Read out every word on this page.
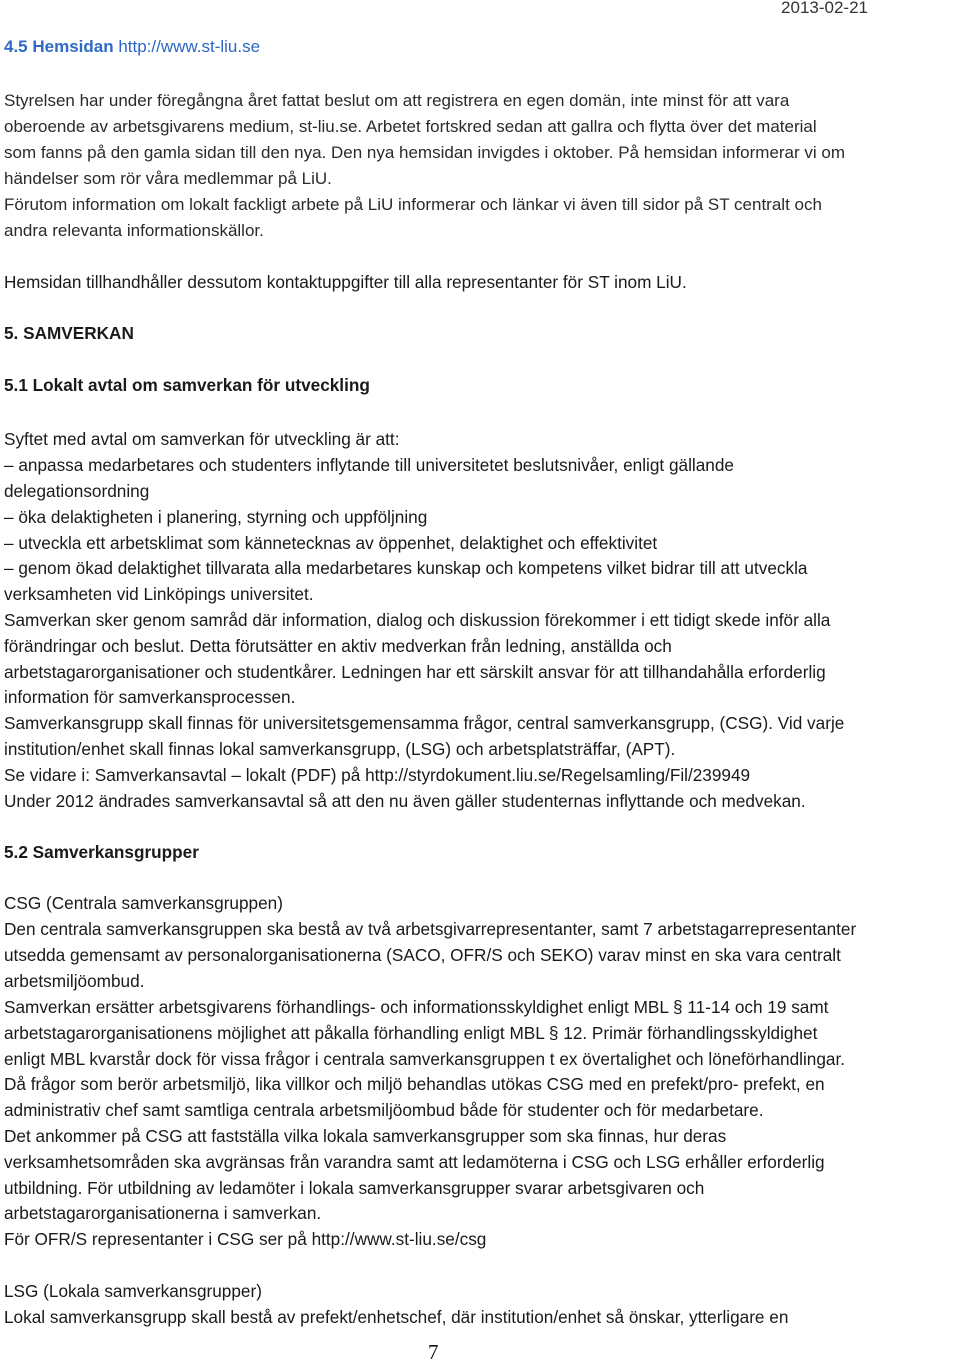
2013-02-21
4.5 Hemsidan http://www.st-liu.se
Styrelsen har under föregångna året fattat beslut om att registrera en egen domän, inte minst för att vara
oberoende av arbetsgivarens medium, st-liu.se. Arbetet fortskred sedan att gallra och flytta över det material
som fanns på den gamla sidan till den nya. Den nya hemsidan invigdes i oktober. På hemsidan informerar vi om
händelser som rör våra medlemmar på LiU.
Förutom information om lokalt fackligt arbete på LiU informerar och länkar vi även till sidor på ST centralt och
andra relevanta informationskällor.
Hemsidan tillhandhåller dessutom kontaktuppgifter till alla representanter för ST inom LiU.
5. SAMVERKAN
5.1 Lokalt avtal om samverkan för utveckling
Syftet med avtal om samverkan för utveckling är att:
– anpassa medarbetares och studenters inflytande till universitetet beslutsnivåer, enligt gällande
delegationsordning
– öka delaktigheten i planering, styrning och uppföljning
– utveckla ett arbetsklimat som kännetecknas av öppenhet, delaktighet och effektivitet
– genom ökad delaktighet tillvarata alla medarbetares kunskap och kompetens vilket bidrar till att utveckla
verksamheten vid Linköpings universitet.
Samverkan sker genom samråd där information, dialog och diskussion förekommer i ett tidigt skede inför alla
förändringar och beslut. Detta förutsätter en aktiv medverkan från ledning, anställda och
arbetstagarorganisationer och studentkårer. Ledningen har ett särskilt ansvar för att tillhandahålla erforderlig
information för samverkansprocessen.
Samverkansgrupp skall finnas för universitetsgemensamma frågor, central samverkansgrupp, (CSG). Vid varje
institution/enhet skall finnas lokal samverkansgrupp, (LSG) och arbetsplatsträffar, (APT).
Se vidare i: Samverkansavtal – lokalt (PDF) på http://styrdokument.liu.se/Regelsamling/Fil/239949
Under 2012 ändrades samverkansavtal så att den nu även gäller studenternas inflyttande och medvekan.
5.2 Samverkansgrupper
CSG (Centrala samverkansgruppen)
Den centrala samverkansgruppen ska bestå av två arbetsgivarrepresentanter, samt 7 arbetstagarrepresentanter
utsedda gemensamt av personalorganisationerna (SACO, OFR/S och SEKO) varav minst en ska vara centralt
arbetsmiljöombud.
Samverkan ersätter arbetsgivarens förhandlings- och informationsskyldighet enligt MBL § 11-14 och 19 samt
arbetstagarorganisationens möjlighet att påkalla förhandling enligt MBL § 12. Primär förhandlingsskyldighet
enligt MBL kvarstår dock för vissa frågor i centrala samverkansgruppen t ex övertalighet och löneförhandlingar.
Då frågor som berör arbetsmiljö, lika villkor och miljö behandlas utökas CSG med en prefekt/pro- prefekt, en
administrativ chef samt samtliga centrala arbetsmiljöombud både för studenter och för medarbetare.
Det ankommer på CSG att fastställa vilka lokala samverkansgrupper som ska finnas, hur deras
verksamhetsområden ska avgränsas från varandra samt att ledamöterna i CSG och LSG erhåller erforderlig
utbildning. För utbildning av ledamöter i lokala samverkansgrupper svarar arbetsgivaren och
arbetstagarorganisationerna i samverkan.
För OFR/S representanter i CSG ser på http://www.st-liu.se/csg
LSG (Lokala samverkansgrupper)
Lokal samverkansgrupp skall bestå av prefekt/enhetschef, där institution/enhet så önskar, ytterligare en
7
